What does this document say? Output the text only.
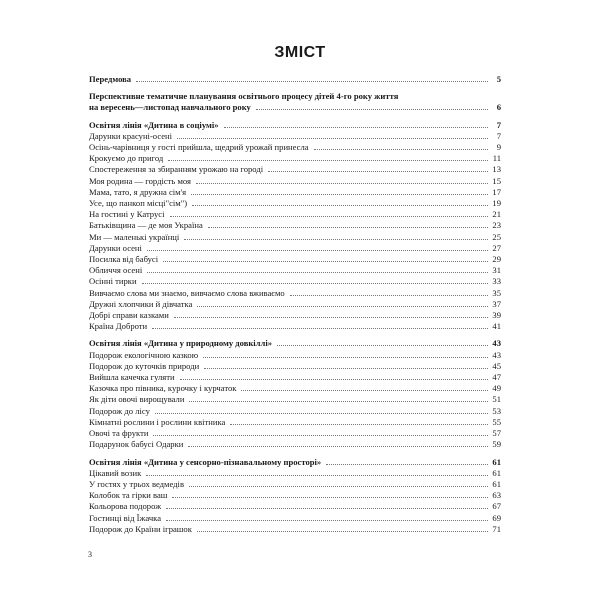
ЗМІСТ
Передмова	5
Перспективне тематичне планування освітнього процесу дітей 4-го року життя
на вересень—листопад навчального року	6
Освітня лінія «Дитина в соціумі»	7
Дарунки красуні-осені	7
Осінь-чарівниця у гості прийшла, щедрий урожай принесла	9
Крокуємо до пригод	11
Спостереження за збиранням урожаю на городі	13
Моя родина — гордість моя	15
Мама, тато, я дружна сім'я	17
Усе, що панкоп місці"сім")	19
На гостині у Катрусі	21
Батьківщина — де моя Україна	23
Ми — маленькі українці	25
Дарунки осені	27
Посилка від бабусі	29
Обличчя осені	31
Осінні тирки	33
Вивчаємо слова ми знаємо, вивчаємо слова вживаємо	35
Дружні хлопчики й дівчатка	37
Добрі справи казками	39
Країна Доброти	41
Освітня лінія «Дитина у природному довкіллі»	43
Подорож екологічною казкою	43
Подорож до куточків природи	45
Вийшла качечка гуляти	47
Казочка про півника, курочку і курчаток	49
Як діти овочі вирощували	51
Подорож до лісу	53
Кімнатні рослини і рослини квітника	55
Овочі та фрукти	57
Подарунок бабусі Одарки	59
Освітня лінія «Дитина у сенсорно-пізнавальному просторі»	61
Цікавий возик	61
У гостях у трьох ведмедів	61
Колобок та гірки ваш	63
Кольорова подорож	67
Гостинці від Їжачка	69
Подорож до Країни іграшок	71
3
